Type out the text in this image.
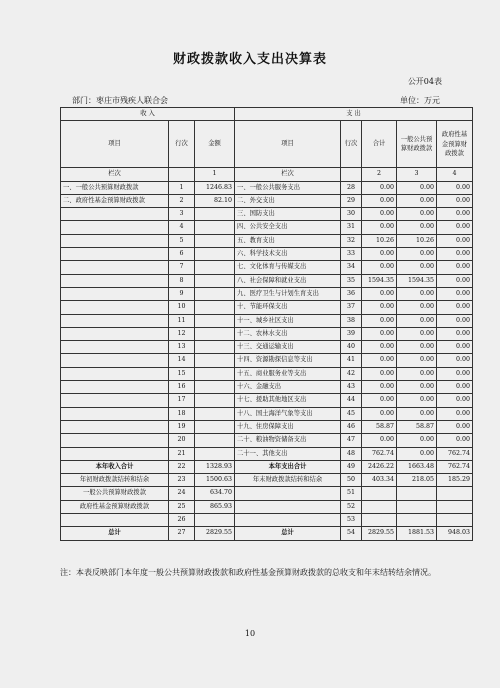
财政拨款收入支出决算表
公开04表
部门：枣庄市残疾人联合会	单位：万元
收 入			支 出				
项目	行次	金额	项目	行次	合计	一般公共预算财政拨款	政府性基金预算财政拨款
栏次		1	栏次		2	3	4
一、一般公共预算财政拨款	1	1246.83	一、一般公共服务支出	28	0.00	0.00	0.00
二、政府性基金预算财政拨款	2	82.10	二、外交支出	29	0.00	0.00	0.00
	3		三、国防支出	30	0.00	0.00	0.00
	4		四、公共安全支出	31	0.00	0.00	0.00
	5		五、教育支出	32	10.26	10.26	0.00
	6		六、科学技术支出	33	0.00	0.00	0.00
	7		七、文化体育与传媒支出	34	0.00	0.00	0.00
	8		八、社会保障和就业支出	35	1594.35	1594.35	0.00
	9		九、医疗卫生与计划生育支出	36	0.00	0.00	0.00
	10		十、节能环保支出	37	0.00	0.00	0.00
	11		十一、城乡社区支出	38	0.00	0.00	0.00
	12		十二、农林水支出	39	0.00	0.00	0.00
	13		十三、交通运输支出	40	0.00	0.00	0.00
	14		十四、资源勘探信息等支出	41	0.00	0.00	0.00
	15		十五、商业服务业等支出	42	0.00	0.00	0.00
	16		十六、金融支出	43	0.00	0.00	0.00
	17		十七、援助其他地区支出	44	0.00	0.00	0.00
	18		十八、国土海洋气象等支出	45	0.00	0.00	0.00
	19		十九、住房保障支出	46	58.87	58.87	0.00
	20		二十、粮油物资储备支出	47	0.00	0.00	0.00
	21		二十一、其他支出	48	762.74	0.00	762.74
本年收入合计	22	1328.93	本年支出合计	49	2426.22	1663.48	762.74
年初财政拨款结转和结余	23	1500.63	年末财政拨款结转和结余	50	403.34	218.05	185.29
一般公共预算财政拨款	24	634.70		51			
政府性基金预算财政拨款	25	865.93		52			
	26			53			
总计	27	2829.55	总计	54	2829.55	1881.53	948.03
注：本表反映部门本年度一般公共预算财政拨款和政府性基金预算财政拨款的总收支和年末结转结余情况。
10
